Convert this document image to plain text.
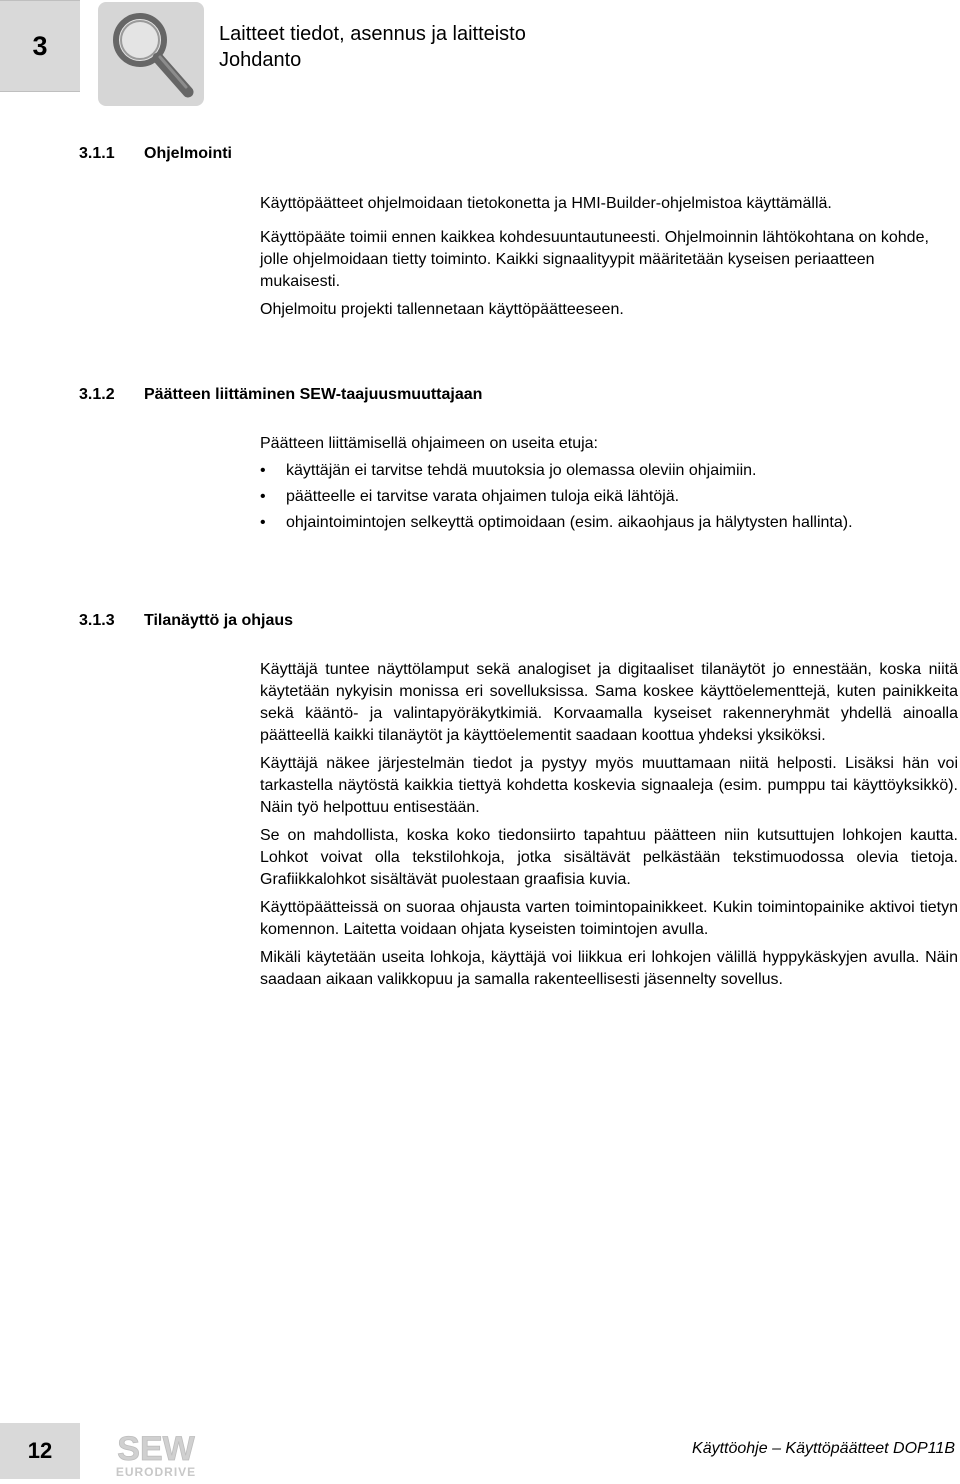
3	Laitteet tiedot, asennus ja laitteisto
Johdanto
3.1.1 Ohjelmointi

Käyttöpäätteet ohjelmoidaan tietokonetta ja HMI-Builder-ohjelmistoa käyttämällä.

Käyttöpääte toimii ennen kaikkea kohdesuuntautuneesti. Ohjelmoinnin lähtökohtana on kohde, jolle ohjelmoidaan tietty toiminto. Kaikki signaalityypit määritetään kyseisen periaatteen mukaisesti.

Ohjelmoitu projekti tallennetaan käyttöpäätteeseen.

3.1.2 Päätteen liittäminen SEW-taajuusmuuttajaan

Päätteen liittämisellä ohjaimeen on useita etuja:

• käyttäjän ei tarvitse tehdä muutoksia jo olemassa oleviin ohjaimiin.
• päätteelle ei tarvitse varata ohjaimen tuloja eikä lähtöjä.
• ohjaintoimintojen selkeyttä optimoidaan (esim. aikaohjaus ja hälytysten hallinta).
3.1.3 Tilanäyttö ja ohjaus

Käyttäjä tuntee näyttölamput sekä analogiset ja digitaaliset tilanäytöt jo ennestään, koska niitä käytetään nykyisin monissa eri sovelluksissa. Sama koskee käyttöelementtejä, kuten painikkeita sekä kääntö- ja valintapyöräkytkimiä. Korvaamalla kyseiset rakenneryhmät yhdellä ainoalla päätteellä kaikki tilanäytöt ja käyttöelementit saadaan koottua yhdeksi yksiköksi.

Käyttäjä näkee järjestelmän tiedot ja pystyy myös muuttamaan niitä helposti. Lisäksi hän voi tarkastella näytöstä kaikkia tiettyä kohdetta koskevia signaaleja (esim. pumppu tai käyttöyksikkö). Näin työ helpottuu entisestään.

Se on mahdollista, koska koko tiedonsiirto tapahtuu päätteen niin kutsuttujen lohkojen kautta. Lohkot voivat olla tekstilohkoja, jotka sisältävät pelkästään tekstimuodossa olevia tietoja. Grafiikkalohkot sisältävät puolestaan graafisia kuvia.

Käyttöpäätteissä on suoraa ohjausta varten toimintopainikkeet. Kukin toimintopainike aktivoi tietyn komennon. Laitetta voidaan ohjata kyseisten toimintojen avulla.

Mikäli käytetään useita lohkoja, käyttäjä voi liikkua eri lohkojen välillä hyppykäskyjen avulla. Näin saadaan aikaan valikkopuu ja samalla rakenteellisesti jäsennelty sovellus.

12	SEW
EURODRIVE
Käyttöohje – Käyttöpäätteet DOP11B
